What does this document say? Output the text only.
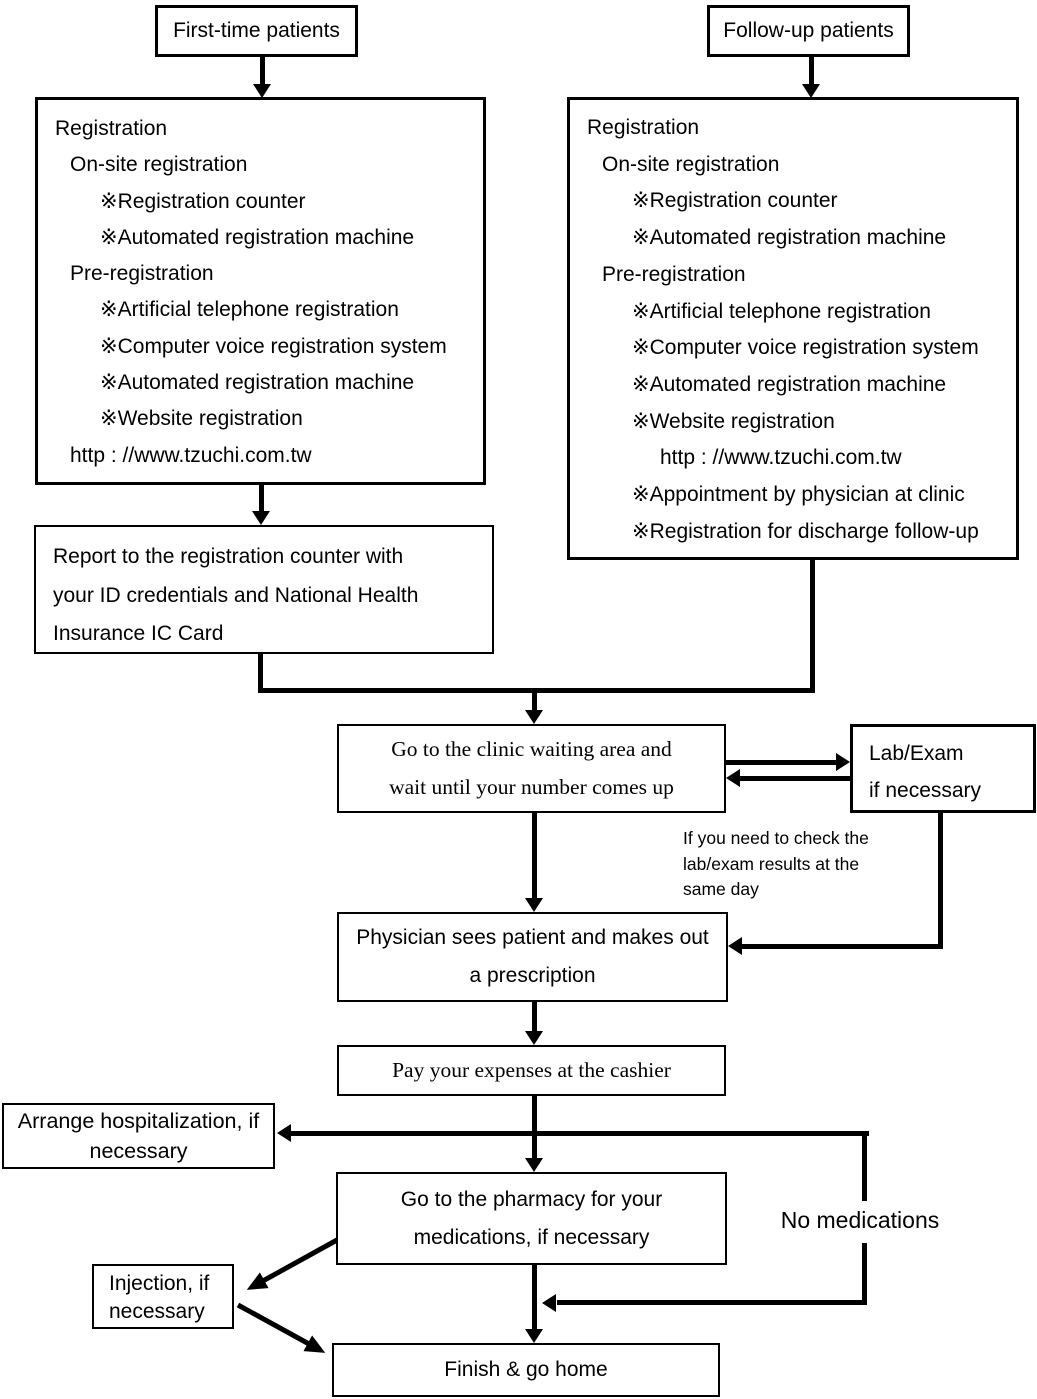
First-time patients	Follow-up patients
Registration
On-site registration
※Registration counter
※Automated registration machine
Pre-registration
※Artificial telephone registration
※Computer voice registration system
※Automated registration machine
※Website registration
http : //www.tzuchi.com.tw
Registration
On-site registration
※Registration counter
※Automated registration machine
Pre-registration
※Artificial telephone registration
※Computer voice registration system
※Automated registration machine
※Website registration
http : //www.tzuchi.com.tw
※Appointment by physician at clinic
※Registration for discharge follow-up
Report to the registration counter with
your ID credentials and National Health
Insurance IC Card
Go to the clinic waiting area and
wait until your number comes up
Lab/Exam
if necessary
If you need to check the
lab/exam results at the
same day
Physician sees patient and makes out
a prescription
Pay your expenses at the cashier
Arrange hospitalization, if
necessary
Go to the pharmacy for your
medications, if necessary
No medications
Injection, if
necessary
Finish & go home
